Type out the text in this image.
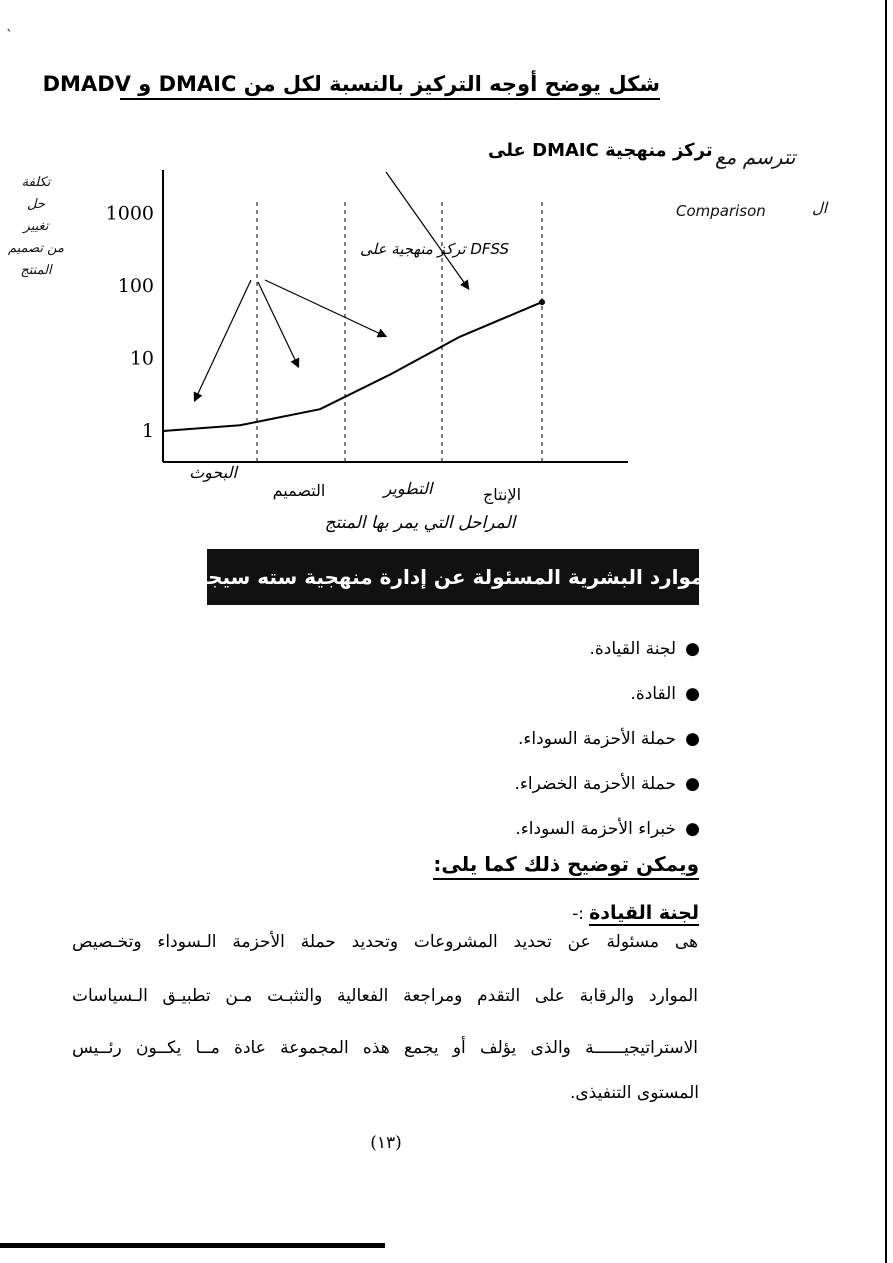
`
شكل يوضح أوجه التركيز بالنسبة لكل من DMAIC و DMADV
تكلفة
حل
تغيير
من تصميم
المنتج
تترسم مع
Comparison	ال
1000
100
10
1
تركز منهجية DMAIC على
DFSS تركز منهجية على
البحوث
التصميم	التطوير	الإنتاج
المراحل التي يمر بها المنتج
الموارد البشرية المسئولة عن إدارة منهجية سته سيجما
●
لجنة القيادة.
●
القادة.
●
حملة الأحزمة السوداء.
●
حملة الأحزمة الخضراء.
●
خبراء الأحزمة السوداء.
ويمكن توضيح ذلك كما يلى:
لجنة القيادة :-
هى مسئولة عن تحديد المشروعات وتحديد حملة الأحزمة الـسوداء وتخـصيص
الموارد والرقابة على التقدم ومراجعة الفعالية والتثبـت مـن تطبيـق الـسياسات
الاستراتيجيــــــة والذى يؤلف أو يجمع هذه المجموعة عادة مــا يكــون رئــيس
المستوى التنفيذى.
(١٣)
